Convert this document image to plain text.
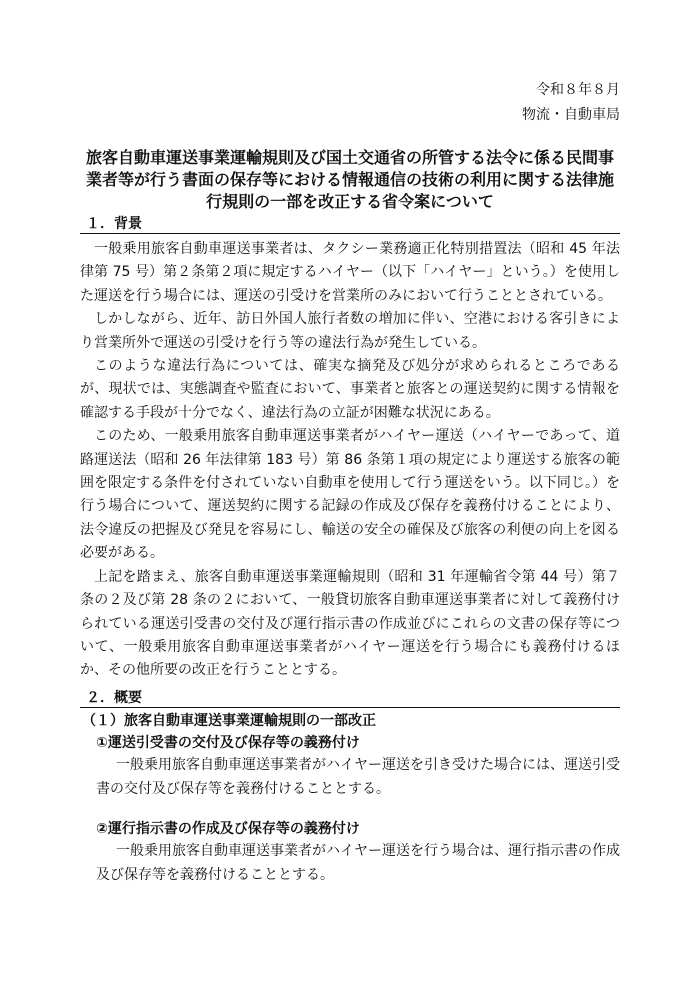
令和８年８月
物流・自動車局
旅客自動車運送事業運輸規則及び国土交通省の所管する法令に係る民間事業者等が行う書面の保存等における情報通信の技術の利用に関する法律施行規則の一部を改正する省令案について
１．背景

一般乗用旅客自動車運送事業者は、タクシー業務適正化特別措置法（昭和 45 年法律第 75 号）第２条第２項に規定するハイヤー（以下「ハイヤー」という。）を使用した運送を行う場合には、運送の引受けを営業所のみにおいて行うこととされている。

しかしながら、近年、訪日外国人旅行者数の増加に伴い、空港における客引きにより営業所外で運送の引受けを行う等の違法行為が発生している。

このような違法行為については、確実な摘発及び処分が求められるところであるが、現状では、実態調査や監査において、事業者と旅客との運送契約に関する情報を確認する手段が十分でなく、違法行為の立証が困難な状況にある。

このため、一般乗用旅客自動車運送事業者がハイヤー運送（ハイヤーであって、道路運送法（昭和 26 年法律第 183 号）第 86 条第１項の規定により運送する旅客の範囲を限定する条件を付されていない自動車を使用して行う運送をいう。以下同じ。）を行う場合について、運送契約に関する記録の作成及び保存を義務付けることにより、法令違反の把握及び発見を容易にし、輸送の安全の確保及び旅客の利便の向上を図る必要がある。

上記を踏まえ、旅客自動車運送事業運輸規則（昭和 31 年運輸省令第 44 号）第７条の２及び第 28 条の２において、一般貸切旅客自動車運送事業者に対して義務付けられている運送引受書の交付及び運行指示書の作成並びにこれらの文書の保存等について、一般乗用旅客自動車運送事業者がハイヤー運送を行う場合にも義務付けるほか、その他所要の改正を行うこととする。

２．概要
（１）旅客自動車運送事業運輸規則の一部改正
①運送引受書の交付及び保存等の義務付け

一般乗用旅客自動車運送事業者がハイヤー運送を引き受けた場合には、運送引受書の交付及び保存等を義務付けることとする。

②運行指示書の作成及び保存等の義務付け

一般乗用旅客自動車運送事業者がハイヤー運送を行う場合は、運行指示書の作成及び保存等を義務付けることとする。
